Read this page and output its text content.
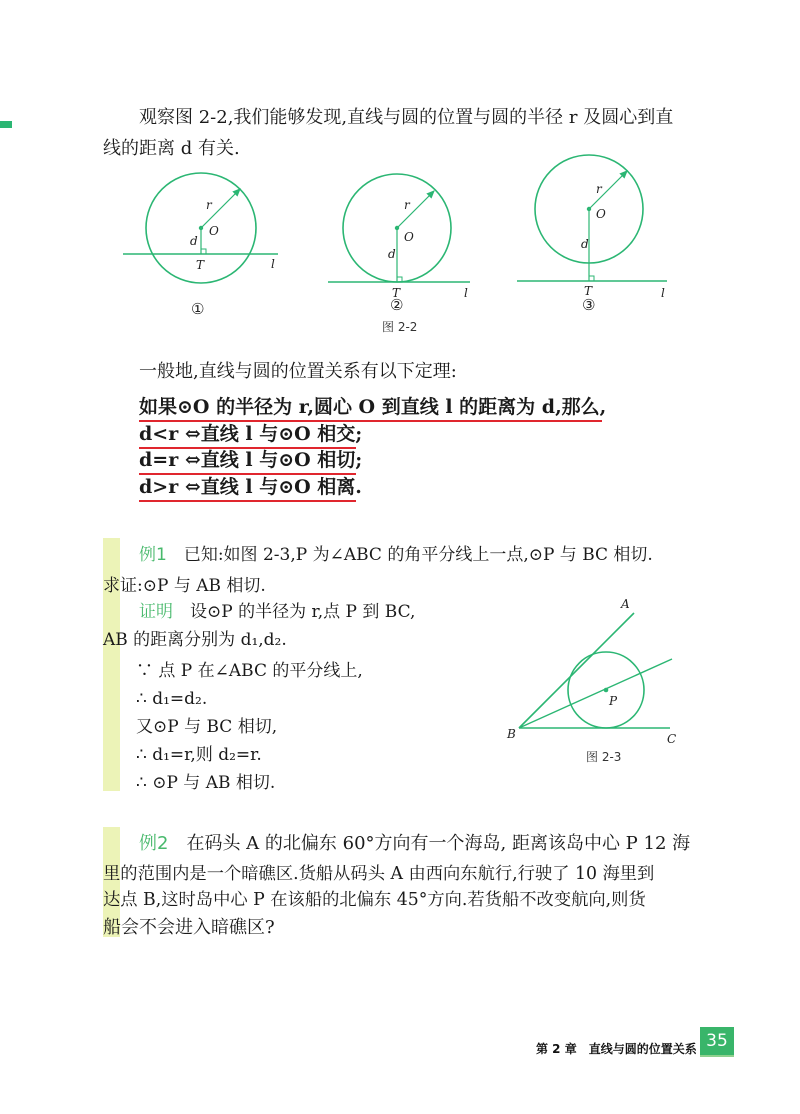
观察图 2-2,我们能够发现,直线与圆的位置与圆的半径 r 及圆心到直

线的距离 d 有关.

r
O
d
T	l
r
O
d
T	l
r
O
d
T	l
①	②	③
图 2-2

一般地,直线与圆的位置关系有以下定理:

如果⊙O 的半径为 r,圆心 O 到直线 l 的距离为 d,那么,
d<r ⇔直线 l 与⊙O 相交;
d=r ⇔直线 l 与⊙O 相切;
d>r ⇔直线 l 与⊙O 相离.

例1　 已知:如图 2-3,P 为∠ABC 的角平分线上一点,⊙P 与 BC 相切.

求证:⊙P 与 AB 相切.

证明　 设⊙P 的半径为 r,点 P 到 BC,

AB 的距离分别为 d₁,d₂.

∵ 点 P 在∠ABC 的平分线上,
∴ d₁=d₂.
又⊙P 与 BC 相切,
∴ d₁=r,则 d₂=r.
∴ ⊙P 与 AB 相切.
A
B	C
P
图 2-3

例2　 在码头 A 的北偏东 60°方向有一个海岛, 距离该岛中心 P 12 海

里的范围内是一个暗礁区.货船从码头 A 由西向东航行,行驶了 10 海里到

达点 B,这时岛中心 P 在该船的北偏东 45°方向.若货船不改变航向,则货

船会不会进入暗礁区?

第 2 章　直线与圆的位置关系 35
